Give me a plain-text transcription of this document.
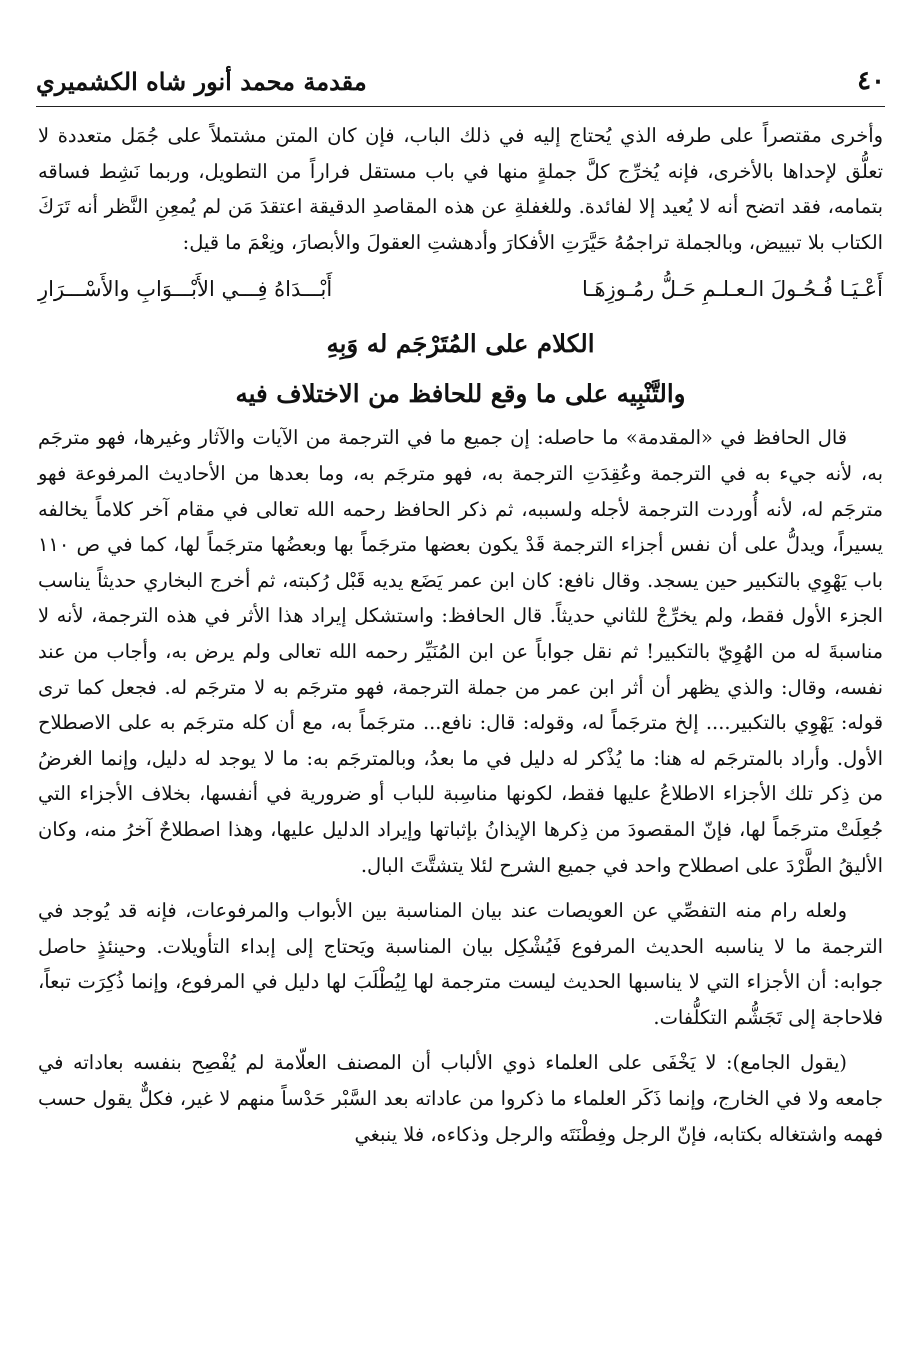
٤٠
مقدمة محمد أنور شاه الكشميري

وأخرى مقتصراً على طرفه الذي يُحتاج إليه في ذلك الباب، فإن كان المتن مشتملاً على جُمَل متعددة لا تعلُّق لإحداها بالأخرى، فإنه يُخرِّج كلَّ جملةٍ منها في باب مستقل فراراً من التطويل، وربما نَشِط فساقه بتمامه، فقد اتضح أنه لا يُعيد إلا لفائدة. وللغفلةِ عن هذه المقاصدِ الدقيقة اعتقدَ مَن لم يُمعِنِ النَّظر أنه تَرَكَ الكتاب بلا تبييض، وبالجملة تراجمُهُ حَيَّرَتِ الأفكارَ وأدهشتِ العقولَ والأبصارَ، ونِعْمَ ما قيل:

أَعْـيَـا فُـحُـولَ الـعـلـمِ حَـلُّ رمُـوزِهَـا
أَبْـــدَاهُ فِـــي الأَبْـــوَابِ والأَسْـــرَارِ
الكلام على المُتَرْجَم له وَبِهِ
والتَّنْبِيه على ما وقع للحافظ من الاختلاف فيه

قال الحافظ في «المقدمة» ما حاصله: إن جميع ما في الترجمة من الآيات والآثار وغيرها، فهو مترجَم به، لأنه جيء به في الترجمة وعُقِدَتِ الترجمة به، فهو مترجَم به، وما بعدها من الأحاديث المرفوعة فهو مترجَم له، لأنه أُوردت الترجمة لأجله ولسببه، ثم ذكر الحافظ رحمه الله تعالى في مقام آخر كلاماً يخالفه يسيراً، ويدلُّ على أن نفس أجزاء الترجمة قَدْ يكون بعضها مترجَماً بها وبعضُها مترجَماً لها، كما في ص ١١٠ باب يَهْوِي بالتكبير حين يسجد. وقال نافع: كان ابن عمر يَضَع يديه قَبْل رُكبته، ثم أخرج البخاري حديثاً يناسب الجزء الأول فقط، ولم يخرِّجْ للثاني حديثاً. قال الحافظ: واستشكل إيراد هذا الأثر في هذه الترجمة، لأنه لا مناسبةَ له من الهُوِيّ بالتكبير! ثم نقل جواباً عن ابن المُنَيِّر رحمه الله تعالى ولم يرض به، وأجاب من عند نفسه، وقال: والذي يظهر أن أثر ابن عمر من جملة الترجمة، فهو مترجَم به لا مترجَم له. فجعل كما ترى قوله: يَهْوِي بالتكبير.... إلخ مترجَماً له، وقوله: قال: نافع... مترجَماً به، مع أن كله مترجَم به على الاصطلاح الأول. وأراد بالمترجَم له هنا: ما يُذْكر له دليل في ما بعدُ، وبالمترجَم به: ما لا يوجد له دليل، وإنما الغرضُ من ذِكر تلك الأجزاء الاطلاعُ عليها فقط، لكونها مناسِبة للباب أو ضرورية في أنفسها، بخلاف الأجزاء التي جُعِلَتْ مترجَماً لها، فإنّ المقصودَ من ذِكرها الإيذانُ بإثباتها وإيراد الدليل عليها، وهذا اصطلاحٌ آخرُ منه، وكان الأليقُ الطَّرْدَ على اصطلاح واحد في جميع الشرح لئلا يتشتَّتَ البال.

ولعله رام منه التفصِّي عن العويصات عند بيان المناسبة بين الأبواب والمرفوعات، فإنه قد يُوجد في الترجمة ما لا يناسبه الحديث المرفوع فَيُشْكِل بيان المناسبة ويَحتاج إلى إبداء التأويلات. وحينئذٍ حاصل جوابه: أن الأجزاء التي لا يناسبها الحديث ليست مترجمة لها لِيُطْلَبَ لها دليل في المرفوع، وإنما ذُكِرَت تبعاً، فلاحاجة إلى تَجَشُّم التكلُّفات.

(يقول الجامع): لا يَخْفَى على العلماء ذوي الألباب أن المصنف العلّامة لم يُفْصِح بنفسه بعاداته في جامعه ولا في الخارج، وإنما ذَكَر العلماء ما ذكروا من عاداته بعد السَّبْر حَدْساً منهم لا غير، فكلٌّ يقول حسب فهمه واشتغاله بكتابه، فإنّ الرجل وفِطْنَتَه والرجل وذكاءه، فلا ينبغي
